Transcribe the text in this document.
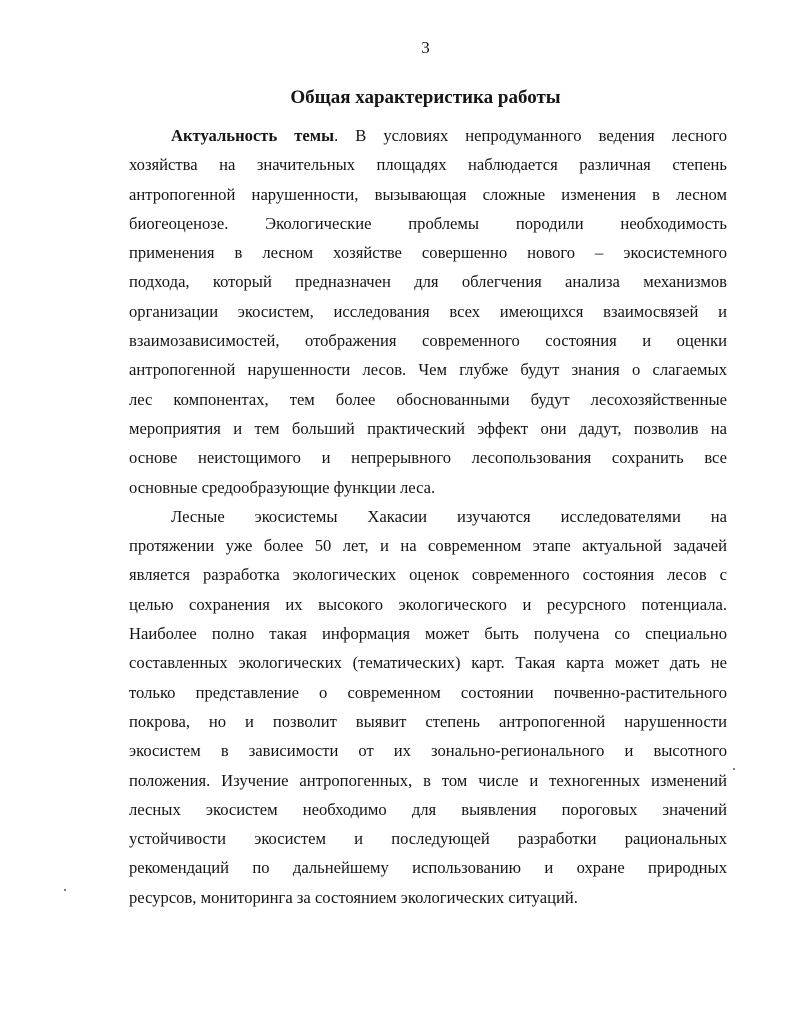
3
Общая характеристика работы
Актуальность темы. В условиях непродуманного ведения лесного
хозяйства на значительных площадях наблюдается различная степень
антропогенной нарушенности, вызывающая сложные изменения в лесном
биогеоценозе. Экологические проблемы породили необходимость
применения в лесном хозяйстве совершенно нового – экосистемного
подхода, который предназначен для облегчения анализа механизмов
организации экосистем, исследования всех имеющихся взаимосвязей и
взаимозависимостей, отображения современного состояния и оценки
антропогенной нарушенности лесов. Чем глубже будут знания о слагаемых
лес компонентах, тем более обоснованными будут лесохозяйственные
мероприятия и тем больший практический эффект они дадут, позволив на
основе неистощимого и непрерывного лесопользования сохранить все
основные средообразующие функции леса.
Лесные экосистемы Хакасии изучаются исследователями на
протяжении уже более 50 лет, и на современном этапе актуальной задачей
является разработка экологических оценок современного состояния лесов с
целью сохранения их высокого экологического и ресурсного потенциала.
Наиболее полно такая информация может быть получена со специально
составленных экологических (тематических) карт. Такая карта может дать не
только представление о современном состоянии почвенно-растительного
покрова, но и позволит выявит степень антропогенной нарушенности
экосистем в зависимости от их зонально-регионального и высотного
положения. Изучение антропогенных, в том числе и техногенных изменений
лесных экосистем необходимо для выявления пороговых значений
устойчивости экосистем и последующей разработки рациональных
рекомендаций по дальнейшему использованию и охране природных
ресурсов, мониторинга за состоянием экологических ситуаций.
